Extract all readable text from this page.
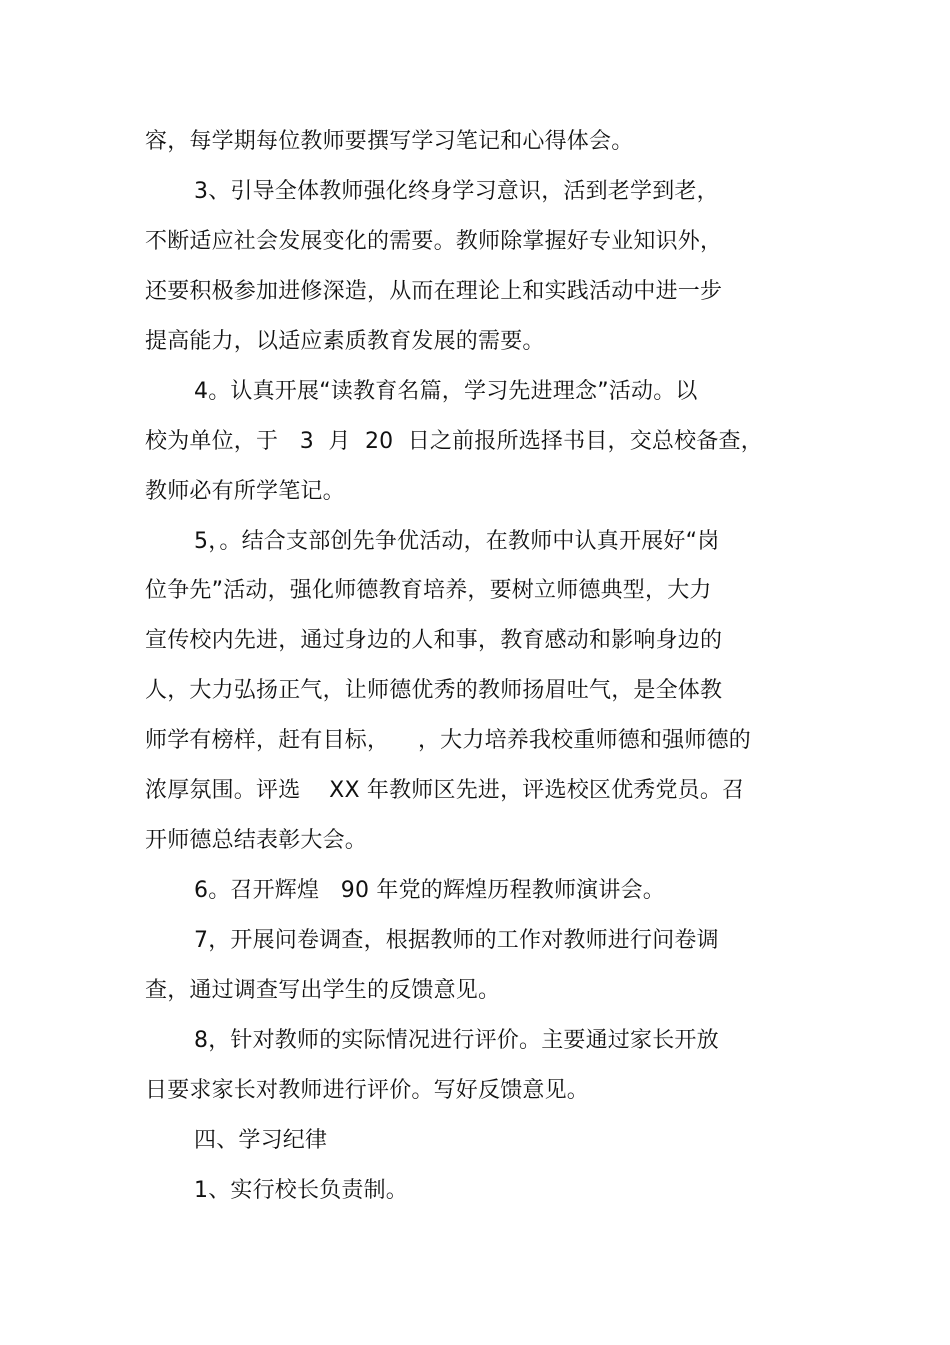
容，每学期每位教师要撰写学习笔记和心得体会。
3、引导全体教师强化终身学习意识，活到老学到老，
不断适应社会发展变化的需要。教师除掌握好专业知识外，
还要积极参加进修深造，从而在理论上和实践活动中进一步
提高能力，以适应素质教育发展的需要。
4。认真开展“读教育名篇，学习先进理念”活动。以
校为单位，于   3  月  20  日之前报所选择书目，交总校备查，
教师必有所学笔记。
5，。结合支部创先争优活动，在教师中认真开展好“岗
位争先”活动，强化师德教育培养，要树立师德典型，大力
宣传校内先进，通过身边的人和事，教育感动和影响身边的
人，大力弘扬正气，让师德优秀的教师扬眉吐气，是全体教
师学有榜样，赶有目标，    ，大力培养我校重师德和强师德的
浓厚氛围。评选    XX 年教师区先进，评选校区优秀党员。召
开师德总结表彰大会。
6。召开辉煌   90 年党的辉煌历程教师演讲会。
7，开展问卷调查，根据教师的工作对教师进行问卷调
查，通过调查写出学生的反馈意见。
8，针对教师的实际情况进行评价。主要通过家长开放
日要求家长对教师进行评价。写好反馈意见。
四、学习纪律
1、实行校长负责制。
